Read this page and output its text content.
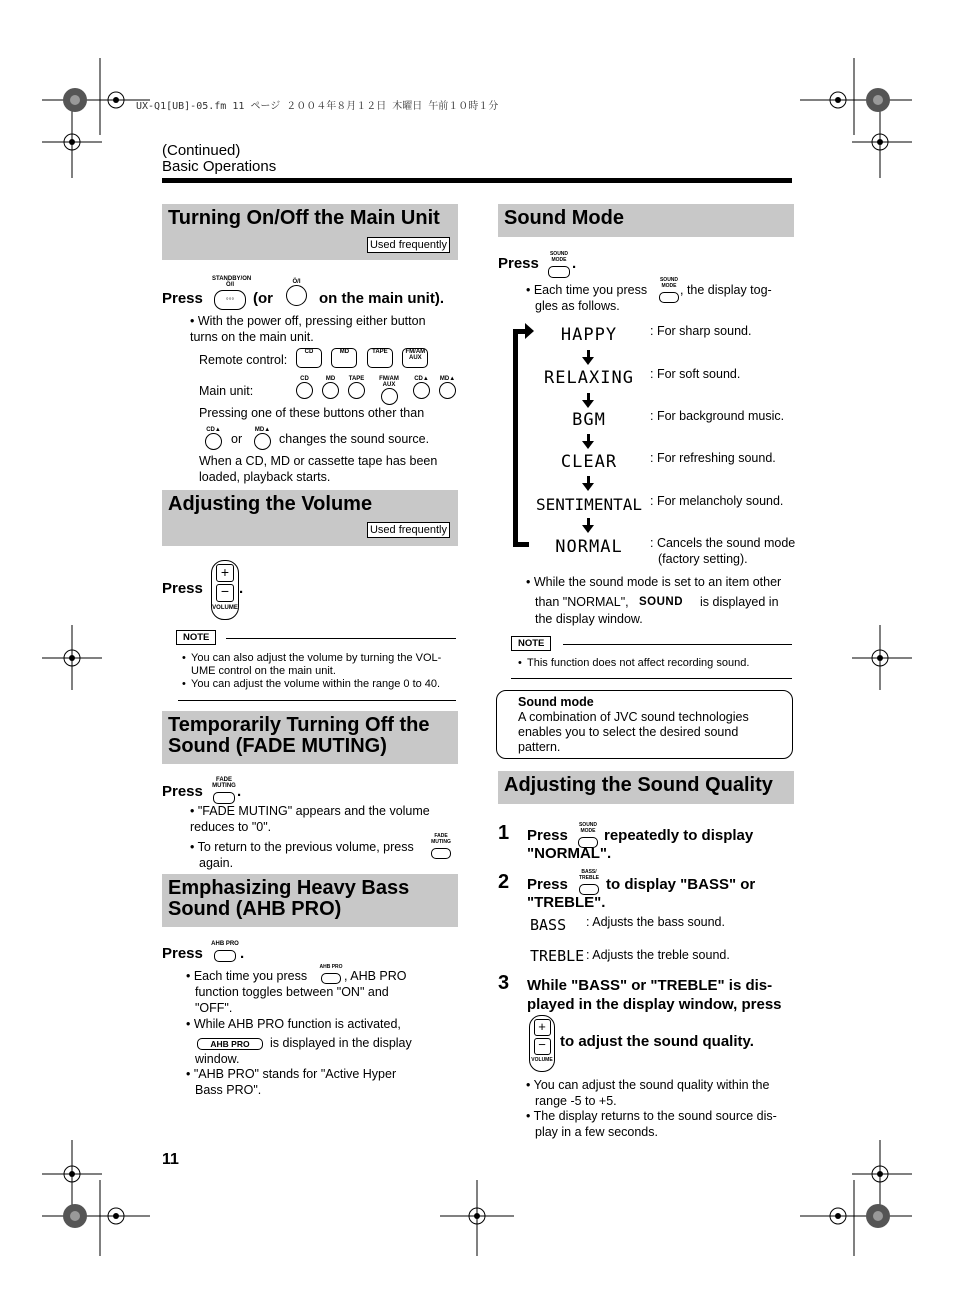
UX-Q1[UB]-05.fm 11 ページ ２００４年８月１２日 木曜日 午前１０時１分
(Continued)
Basic Operations
Turning On/Off the Main Unit
Used frequently
Press
STANDBY/ON
Ö/I
◦◦◦	(or
Ö/I
on the main unit).
• With the power off, pressing either button turns on the main unit.
Remote control:
CD	MD	TAPE	FM/AM AUX
Main unit:
CD	MD	TAPE	FM/AM AUX
CD▲ MD▲
Pressing one of these buttons other than
CD▲
or
MD▲
changes the sound source.
When a CD, MD or cassette tape has been loaded, playback starts.
Adjusting the Volume
Used frequently
Press
+
−
VOLUME
.
NOTE
• You can also adjust the volume by turning the VOL-UME control on the main unit.
• You can adjust the volume within the range 0 to 40.
Temporarily Turning Off the Sound (FADE MUTING)
Press
FADE MUTING .
• "FADE MUTING" appears and the volume reduces to "0".
• To return to the previous volume, press
FADE MUTING
again.
Emphasizing Heavy Bass Sound (AHB PRO)
Press
AHB PRO
.
• Each time you press
AHB PRO
, AHB PRO function toggles between "ON" and "OFF".
• While AHB PRO function is activated,
AHB PRO	is displayed in the display window.
• "AHB PRO" stands for "Active Hyper Bass PRO".
11
Sound Mode
Press
SOUND MODE .
• Each time you press
SOUND MODE , the display tog-gles as follows.
HAPPY	: For sharp sound.
RELAXING	: For soft sound.
BGM	: For background music.
CLEAR	: For refreshing sound.
SENTIMENTAL : For melancholy sound.
NORMAL	: Cancels the sound mode (factory setting).
• While the sound mode is set to an item other
than "NORMAL", SOUND is displayed in
the display window.
NOTE
• This function does not affect recording sound.
Sound mode
A combination of JVC sound technologies enables you to select the desired sound pattern.
Adjusting the Sound Quality
1 Press
SOUND MODE repeatedly to display "NORMAL".
2 Press
BASS/ TREBLE to display "BASS" or "TREBLE".
BASS : Adjusts the bass sound.
TREBLE : Adjusts the treble sound.
3 While "BASS" or "TREBLE" is dis-played in the display window, press
+
−
VOLUME
to adjust the sound quality.
• You can adjust the sound quality within the range -5 to +5.
• The display returns to the sound source dis-play in a few seconds.
